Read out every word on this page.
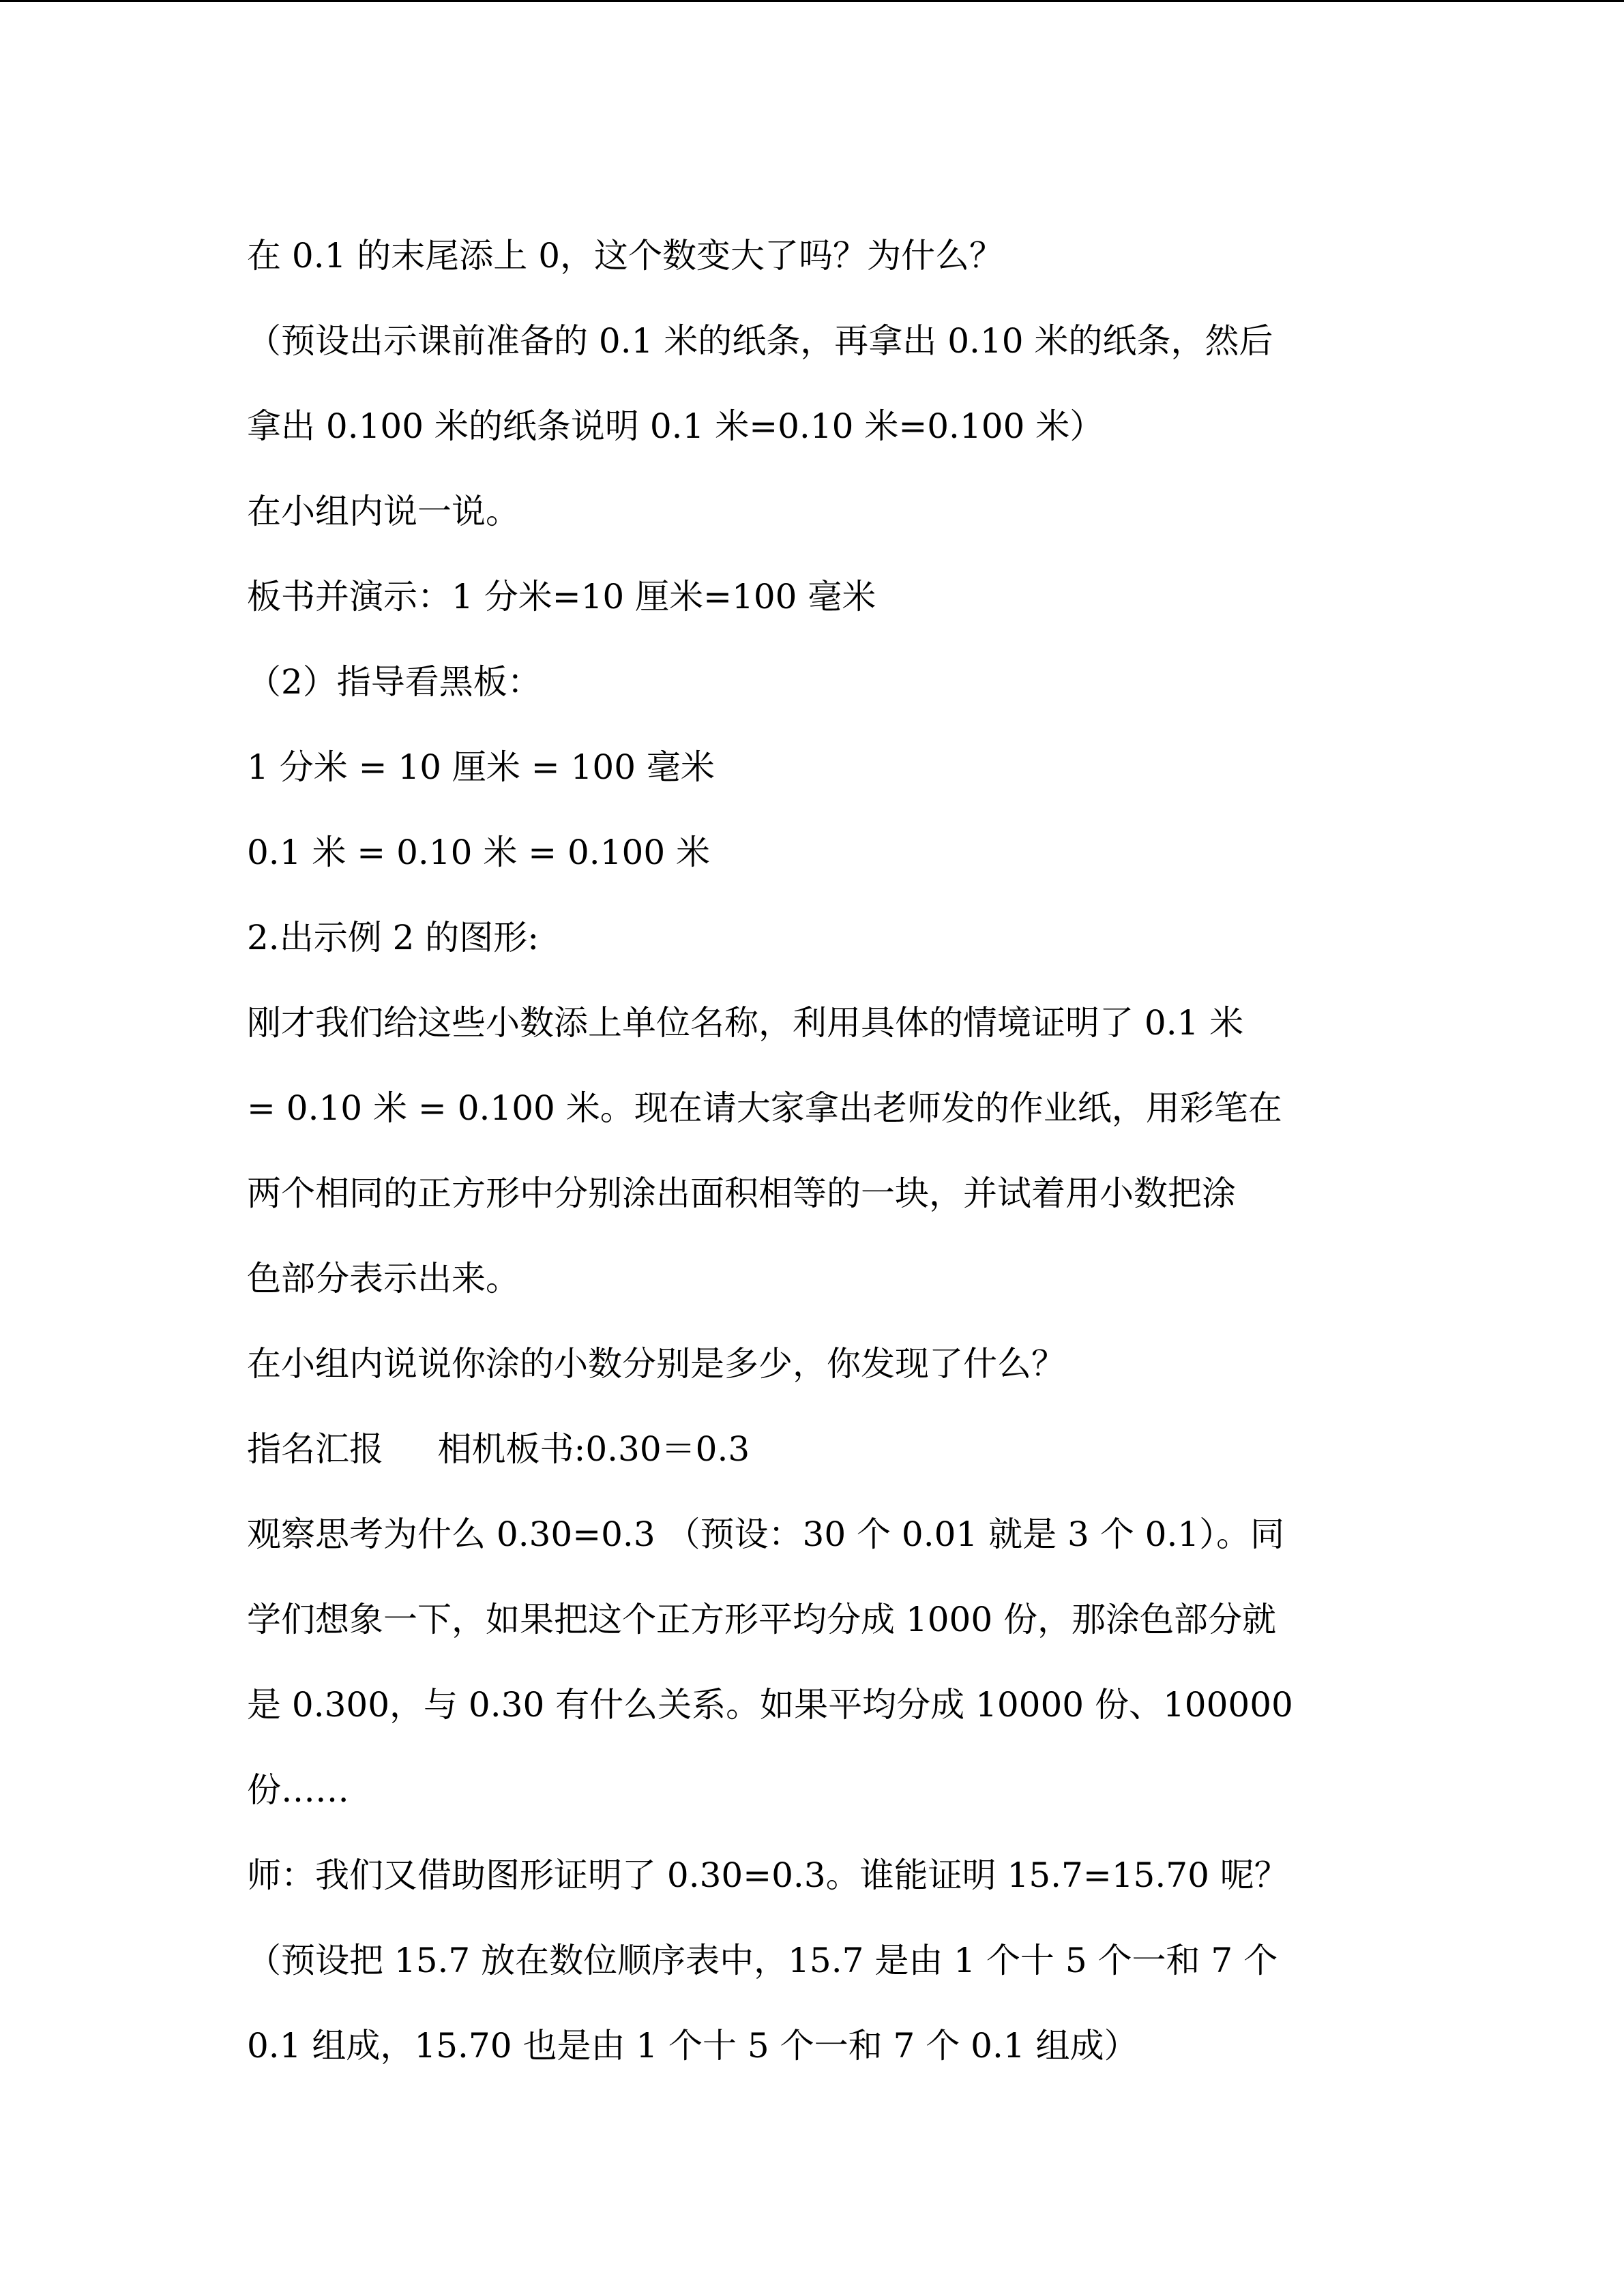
在 0.1 的末尾添上 0，这个数变大了吗？为什么？
（预设出示课前准备的 0.1 米的纸条，再拿出 0.10 米的纸条，然后
拿出 0.100 米的纸条说明 0.1 米=0.10 米=0.100 米）
在小组内说一说。
板书并演示：1 分米=10 厘米=100 毫米
（2）指导看黑板：
1 分米 = 10 厘米 = 100 毫米
0.1 米 = 0.10 米 = 0.100 米
2.出示例 2 的图形:
刚才我们给这些小数添上单位名称，利用具体的情境证明了 0.1 米
= 0.10 米 = 0.100 米。现在请大家拿出老师发的作业纸，用彩笔在
两个相同的正方形中分别涂出面积相等的一块，并试着用小数把涂
色部分表示出来。
在小组内说说你涂的小数分别是多少，你发现了什么？
指名汇报     相机板书:0.30＝0.3
观察思考为什么 0.30=0.3 （预设：30 个 0.01 就是 3 个 0.1）。同
学们想象一下，如果把这个正方形平均分成 1000 份，那涂色部分就
是 0.300，与 0.30 有什么关系。如果平均分成 10000 份、100000
份……
师：我们又借助图形证明了 0.30=0.3。谁能证明 15.7=15.70 呢？
（预设把 15.7 放在数位顺序表中，15.7 是由 1 个十 5 个一和 7 个
0.1 组成，15.70 也是由 1 个十 5 个一和 7 个 0.1 组成）
